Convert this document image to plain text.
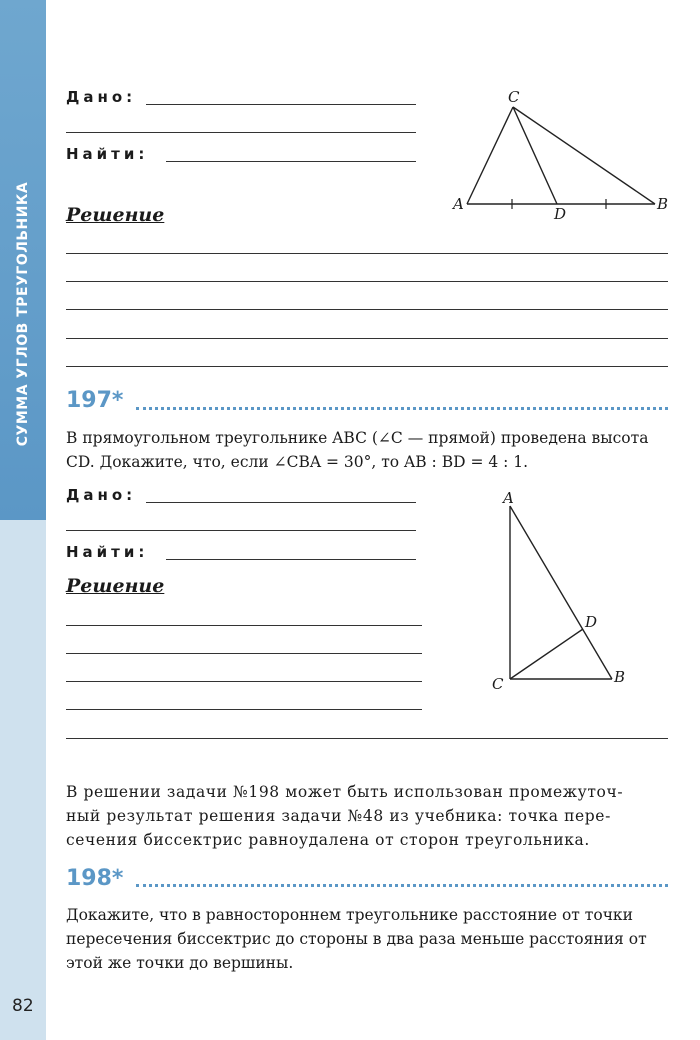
СУММА УГЛОВ ТРЕУГОЛЬНИКА
82
Дано:
Найти:
Решение
C
A
D
B
197*

В прямоугольном треугольнике ABC (∠C — прямой) проведена высота
CD. Докажите, что, если ∠CBA = 30°, то AB : BD = 4 : 1.

Дано:
Найти:
Решение
A
D
C	B

В решении задачи №198 может быть использован промежуточ-
ный результат решения задачи №48 из учебника: точка пере-
сечения биссектрис равноудалена от сторон треугольника.

198*

Докажите, что в равностороннем треугольнике расстояние от точки
пересечения биссектрис до стороны в два раза меньше расстояния от
этой же точки до вершины.
